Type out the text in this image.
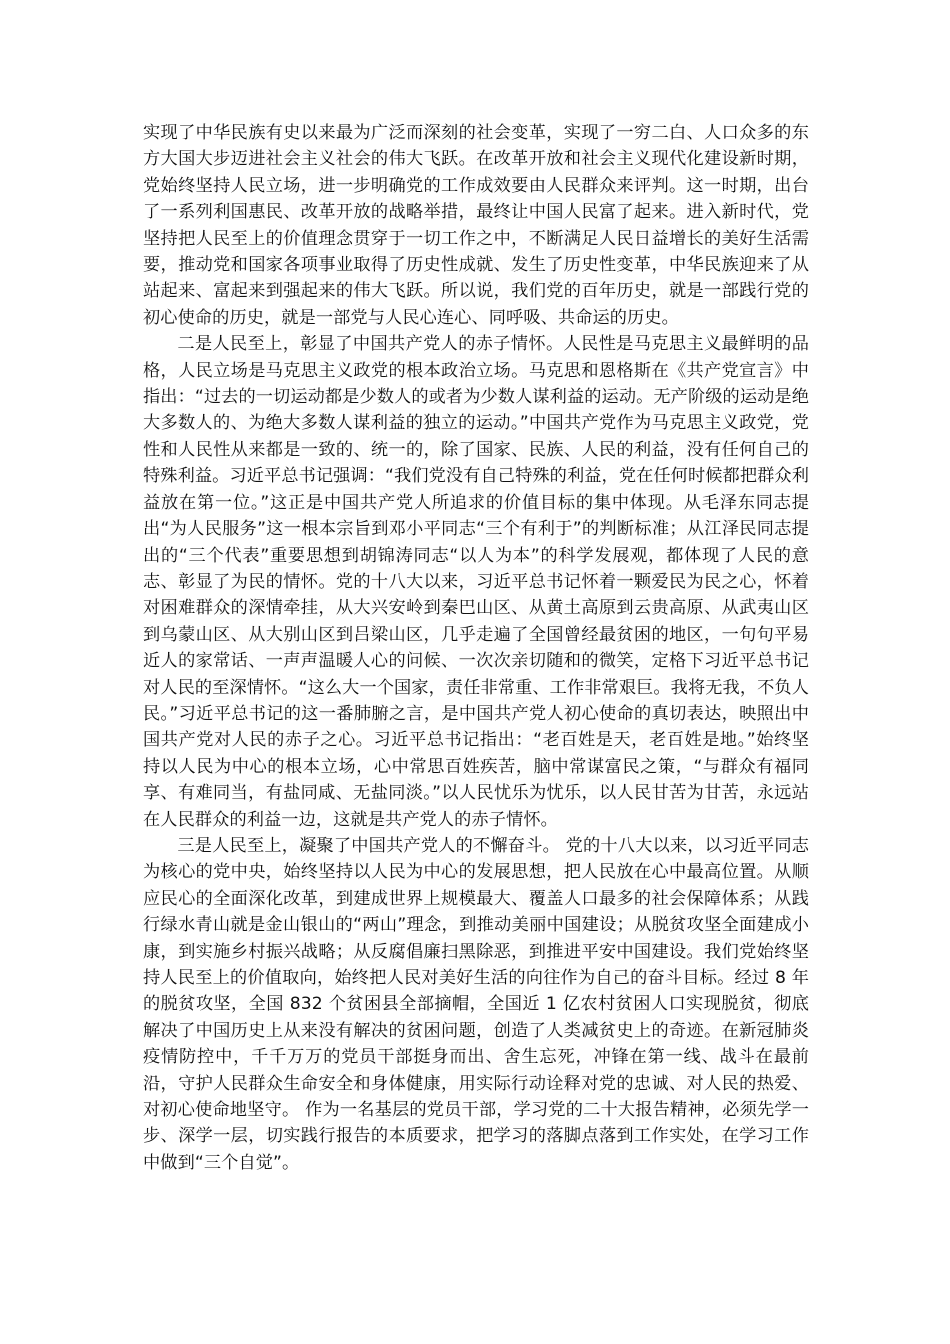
实现了中华民族有史以来最为广泛而深刻的社会变革，实现了一穷二白、人口众多的东方大国大步迈进社会主义社会的伟大飞跃。在改革开放和社会主义现代化建设新时期，党始终坚持人民立场，进一步明确党的工作成效要由人民群众来评判。这一时期，出台了一系列利国惠民、改革开放的战略举措，最终让中国人民富了起来。进入新时代，党坚持把人民至上的价值理念贯穿于一切工作之中，不断满足人民日益增长的美好生活需要，推动党和国家各项事业取得了历史性成就、发生了历史性变革，中华民族迎来了从站起来、富起来到强起来的伟大飞跃。所以说，我们党的百年历史，就是一部践行党的初心使命的历史，就是一部党与人民心连心、同呼吸、共命运的历史。

二是人民至上，彰显了中国共产党人的赤子情怀。人民性是马克思主义最鲜明的品格，人民立场是马克思主义政党的根本政治立场。马克思和恩格斯在《共产党宣言》中指出：“过去的一切运动都是少数人的或者为少数人谋利益的运动。无产阶级的运动是绝大多数人的、为绝大多数人谋利益的独立的运动。”中国共产党作为马克思主义政党，党性和人民性从来都是一致的、统一的，除了国家、民族、人民的利益，没有任何自己的特殊利益。习近平总书记强调：“我们党没有自己特殊的利益，党在任何时候都把群众利益放在第一位。”这正是中国共产党人所追求的价值目标的集中体现。从毛泽东同志提出“为人民服务”这一根本宗旨到邓小平同志“三个有利于”的判断标准；从江泽民同志提出的“三个代表”重要思想到胡锦涛同志“以人为本”的科学发展观，都体现了人民的意志、彰显了为民的情怀。党的十八大以来，习近平总书记怀着一颗爱民为民之心，怀着对困难群众的深情牵挂，从大兴安岭到秦巴山区、从黄土高原到云贵高原、从武夷山区到乌蒙山区、从大别山区到吕梁山区，几乎走遍了全国曾经最贫困的地区，一句句平易近人的家常话、一声声温暖人心的问候、一次次亲切随和的微笑，定格下习近平总书记对人民的至深情怀。“这么大一个国家，责任非常重、工作非常艰巨。我将无我，不负人民。”习近平总书记的这一番肺腑之言，是中国共产党人初心使命的真切表达，映照出中国共产党对人民的赤子之心。习近平总书记指出：“老百姓是天，老百姓是地。”始终坚持以人民为中心的根本立场，心中常思百姓疾苦，脑中常谋富民之策，“与群众有福同享、有难同当，有盐同咸、无盐同淡。”以人民忧乐为忧乐，以人民甘苦为甘苦，永远站在人民群众的利益一边，这就是共产党人的赤子情怀。

三是人民至上，凝聚了中国共产党人的不懈奋斗。 党的十八大以来，以习近平同志为核心的党中央，始终坚持以人民为中心的发展思想，把人民放在心中最高位置。从顺应民心的全面深化改革，到建成世界上规模最大、覆盖人口最多的社会保障体系；从践行绿水青山就是金山银山的“两山”理念，到推动美丽中国建设；从脱贫攻坚全面建成小康，到实施乡村振兴战略；从反腐倡廉扫黑除恶，到推进平安中国建设。我们党始终坚持人民至上的价值取向，始终把人民对美好生活的向往作为自己的奋斗目标。经过 8 年的脱贫攻坚，全国 832 个贫困县全部摘帽，全国近 1 亿农村贫困人口实现脱贫，彻底解决了中国历史上从来没有解决的贫困问题，创造了人类减贫史上的奇迹。在新冠肺炎疫情防控中，千千万万的党员干部挺身而出、舍生忘死，冲锋在第一线、战斗在最前沿，守护人民群众生命安全和身体健康，用实际行动诠释对党的忠诚、对人民的热爱、对初心使命地坚守。 作为一名基层的党员干部，学习党的二十大报告精神，必须先学一步、深学一层，切实践行报告的本质要求，把学习的落脚点落到工作实处，在学习工作中做到“三个自觉”。
